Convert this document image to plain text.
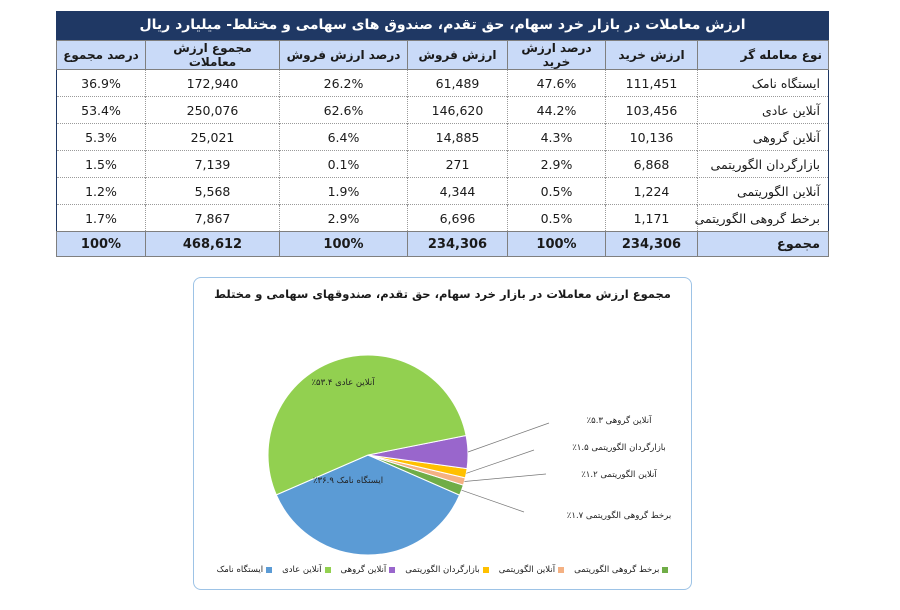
ارزش معاملات در بازار خرد سهام، حق تقدم، صندوق های سهامی و مختلط- میلیارد ریال
نوع معامله گر	ارزش خرید	درصد ارزش خرید	ارزش فروش	درصد ارزش فروش	مجموع ارزش معاملات	درصد مجموع
ایستگاه نامک	111,451	47.6%	61,489	26.2%	172,940	36.9%
آنلاین عادی	103,456	44.2%	146,620	62.6%	250,076	53.4%
آنلاین گروهی	10,136	4.3%	14,885	6.4%	25,021	5.3%
بازارگردان الگوریتمی	6,868	2.9%	271	0.1%	7,139	1.5%
آنلاین الگوریتمی	1,224	0.5%	4,344	1.9%	5,568	1.2%
برخط گروهی الگوریتمی	1,171	0.5%	6,696	2.9%	7,867	1.7%
مجموع	234,306	100%	234,306	100%	468,612	100%
مجموع ارزش معاملات در بازار خرد سهام، حق تقدم، صندوقهای سهامی و مختلط
آنلاین عادی ۵۳.۴٪
ایستگاه نامک ۳۶.۹٪
آنلاین گروهی ۵.۳٪
بازارگردان الگوریتمی ۱.۵٪
آنلاین الگوریتمی ۱.۲٪
برخط گروهی الگوریتمی ۱.۷٪
ایستگاه نامک آنلاین عادی آنلاین گروهی بازارگردان الگوریتمی آنلاین الگوریتمی برخط گروهی الگوریتمی
